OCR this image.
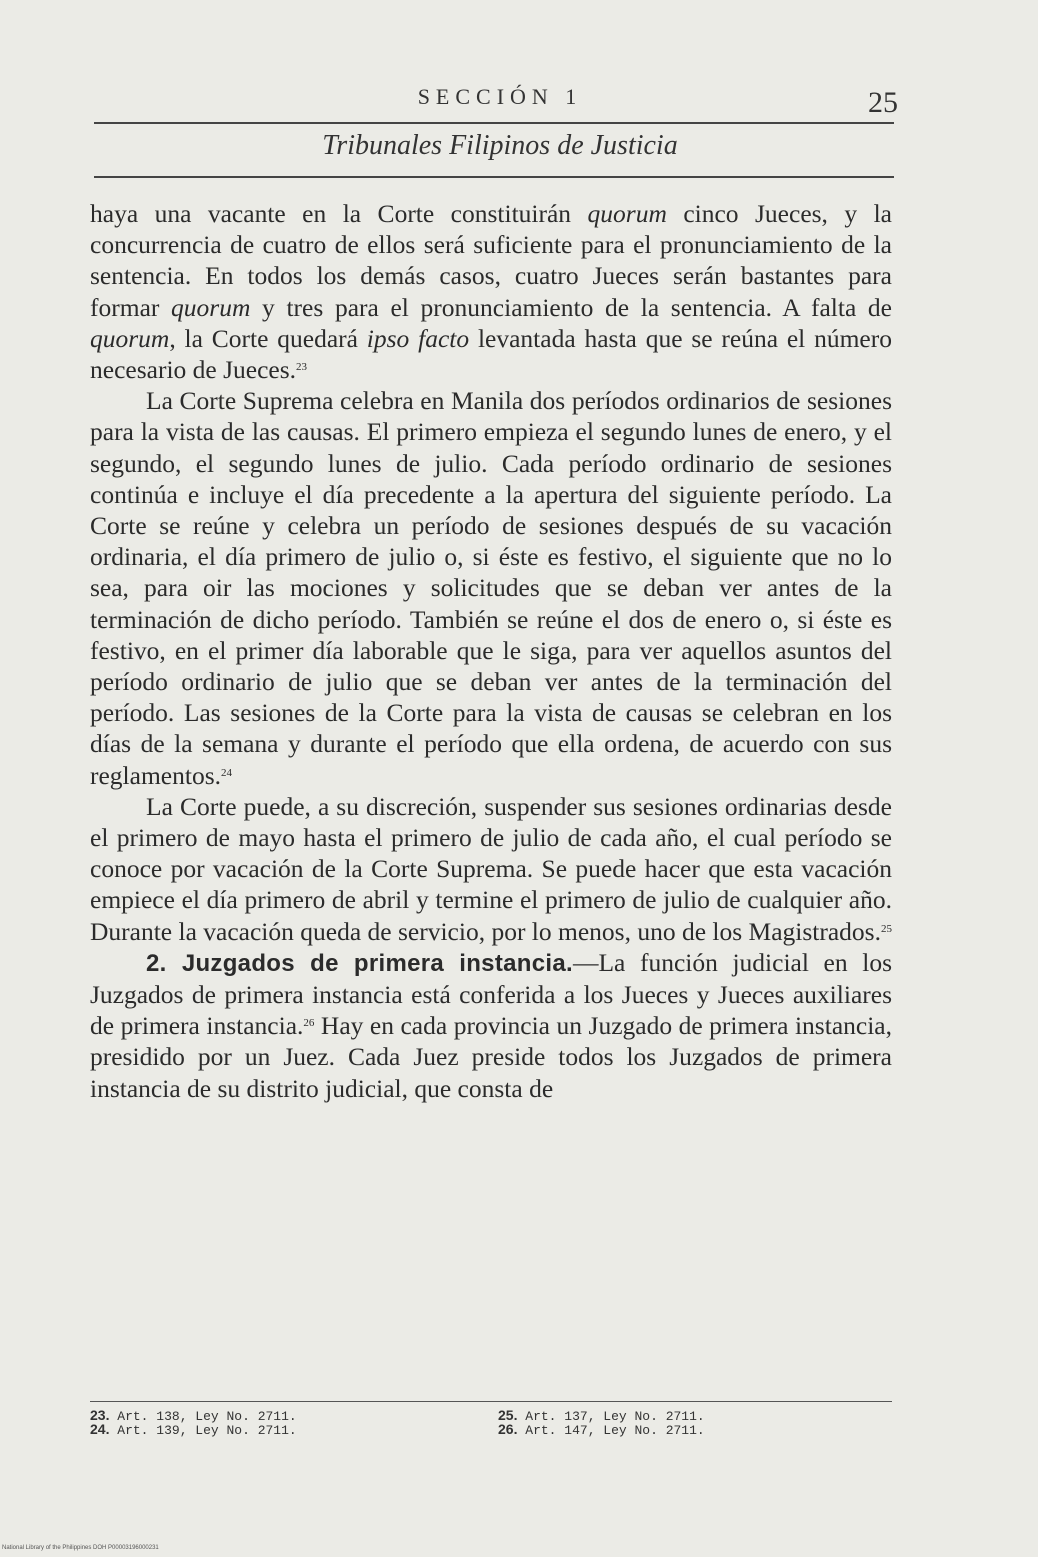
SECCIÓN 1	25
Tribunales Filipinos de Justicia

haya una vacante en la Corte constituirán quorum cinco Jueces, y la concurrencia de cuatro de ellos será suficiente para el pronunciamiento de la sentencia. En todos los demás casos, cuatro Jueces serán bastantes para formar quorum y tres para el pronunciamiento de la sentencia. A falta de quorum, la Corte quedará ipso facto levantada hasta que se reúna el número necesario de Jueces.$^{23}$

La Corte Suprema celebra en Manila dos períodos ordinarios de sesiones para la vista de las causas. El primero empieza el segundo lunes de enero, y el segundo, el segundo lunes de julio. Cada período ordinario de sesiones continúa e incluye el día precedente a la apertura del siguiente período. La Corte se reúne y celebra un período de sesiones después de su vacación ordinaria, el día primero de julio o, si éste es festivo, el siguiente que no lo sea, para oir las mociones y solicitudes que se deban ver antes de la terminación de dicho período. También se reúne el dos de enero o, si éste es festivo, en el primer día laborable que le siga, para ver aquellos asuntos del período ordinario de julio que se deban ver antes de la terminación del período. Las sesiones de la Corte para la vista de causas se celebran en los días de la semana y durante el período que ella ordena, de acuerdo con sus reglamentos.$^{24}$

La Corte puede, a su discreción, suspender sus sesiones ordinarias desde el primero de mayo hasta el primero de julio de cada año, el cual período se conoce por vacación de la Corte Suprema. Se puede hacer que esta vacación empiece el día primero de abril y termine el primero de julio de cualquier año. Durante la vacación queda de servicio, por lo menos, uno de los Magistrados.$^{25}$

2. Juzgados de primera instancia.—La función judicial en los Juzgados de primera instancia está conferida a los Jueces y Jueces auxiliares de primera instancia.$^{26}$ Hay en cada provincia un Juzgado de primera instancia, presidido por un Juez. Cada Juez preside todos los Juzgados de primera instancia de su distrito judicial, que consta de

23. Art. 138, Ley No. 2711.
24. Art. 139, Ley No. 2711.
25. Art. 137, Ley No. 2711.
26. Art. 147, Ley No. 2711.
National Library of the Philippines DOH P00003196000231
